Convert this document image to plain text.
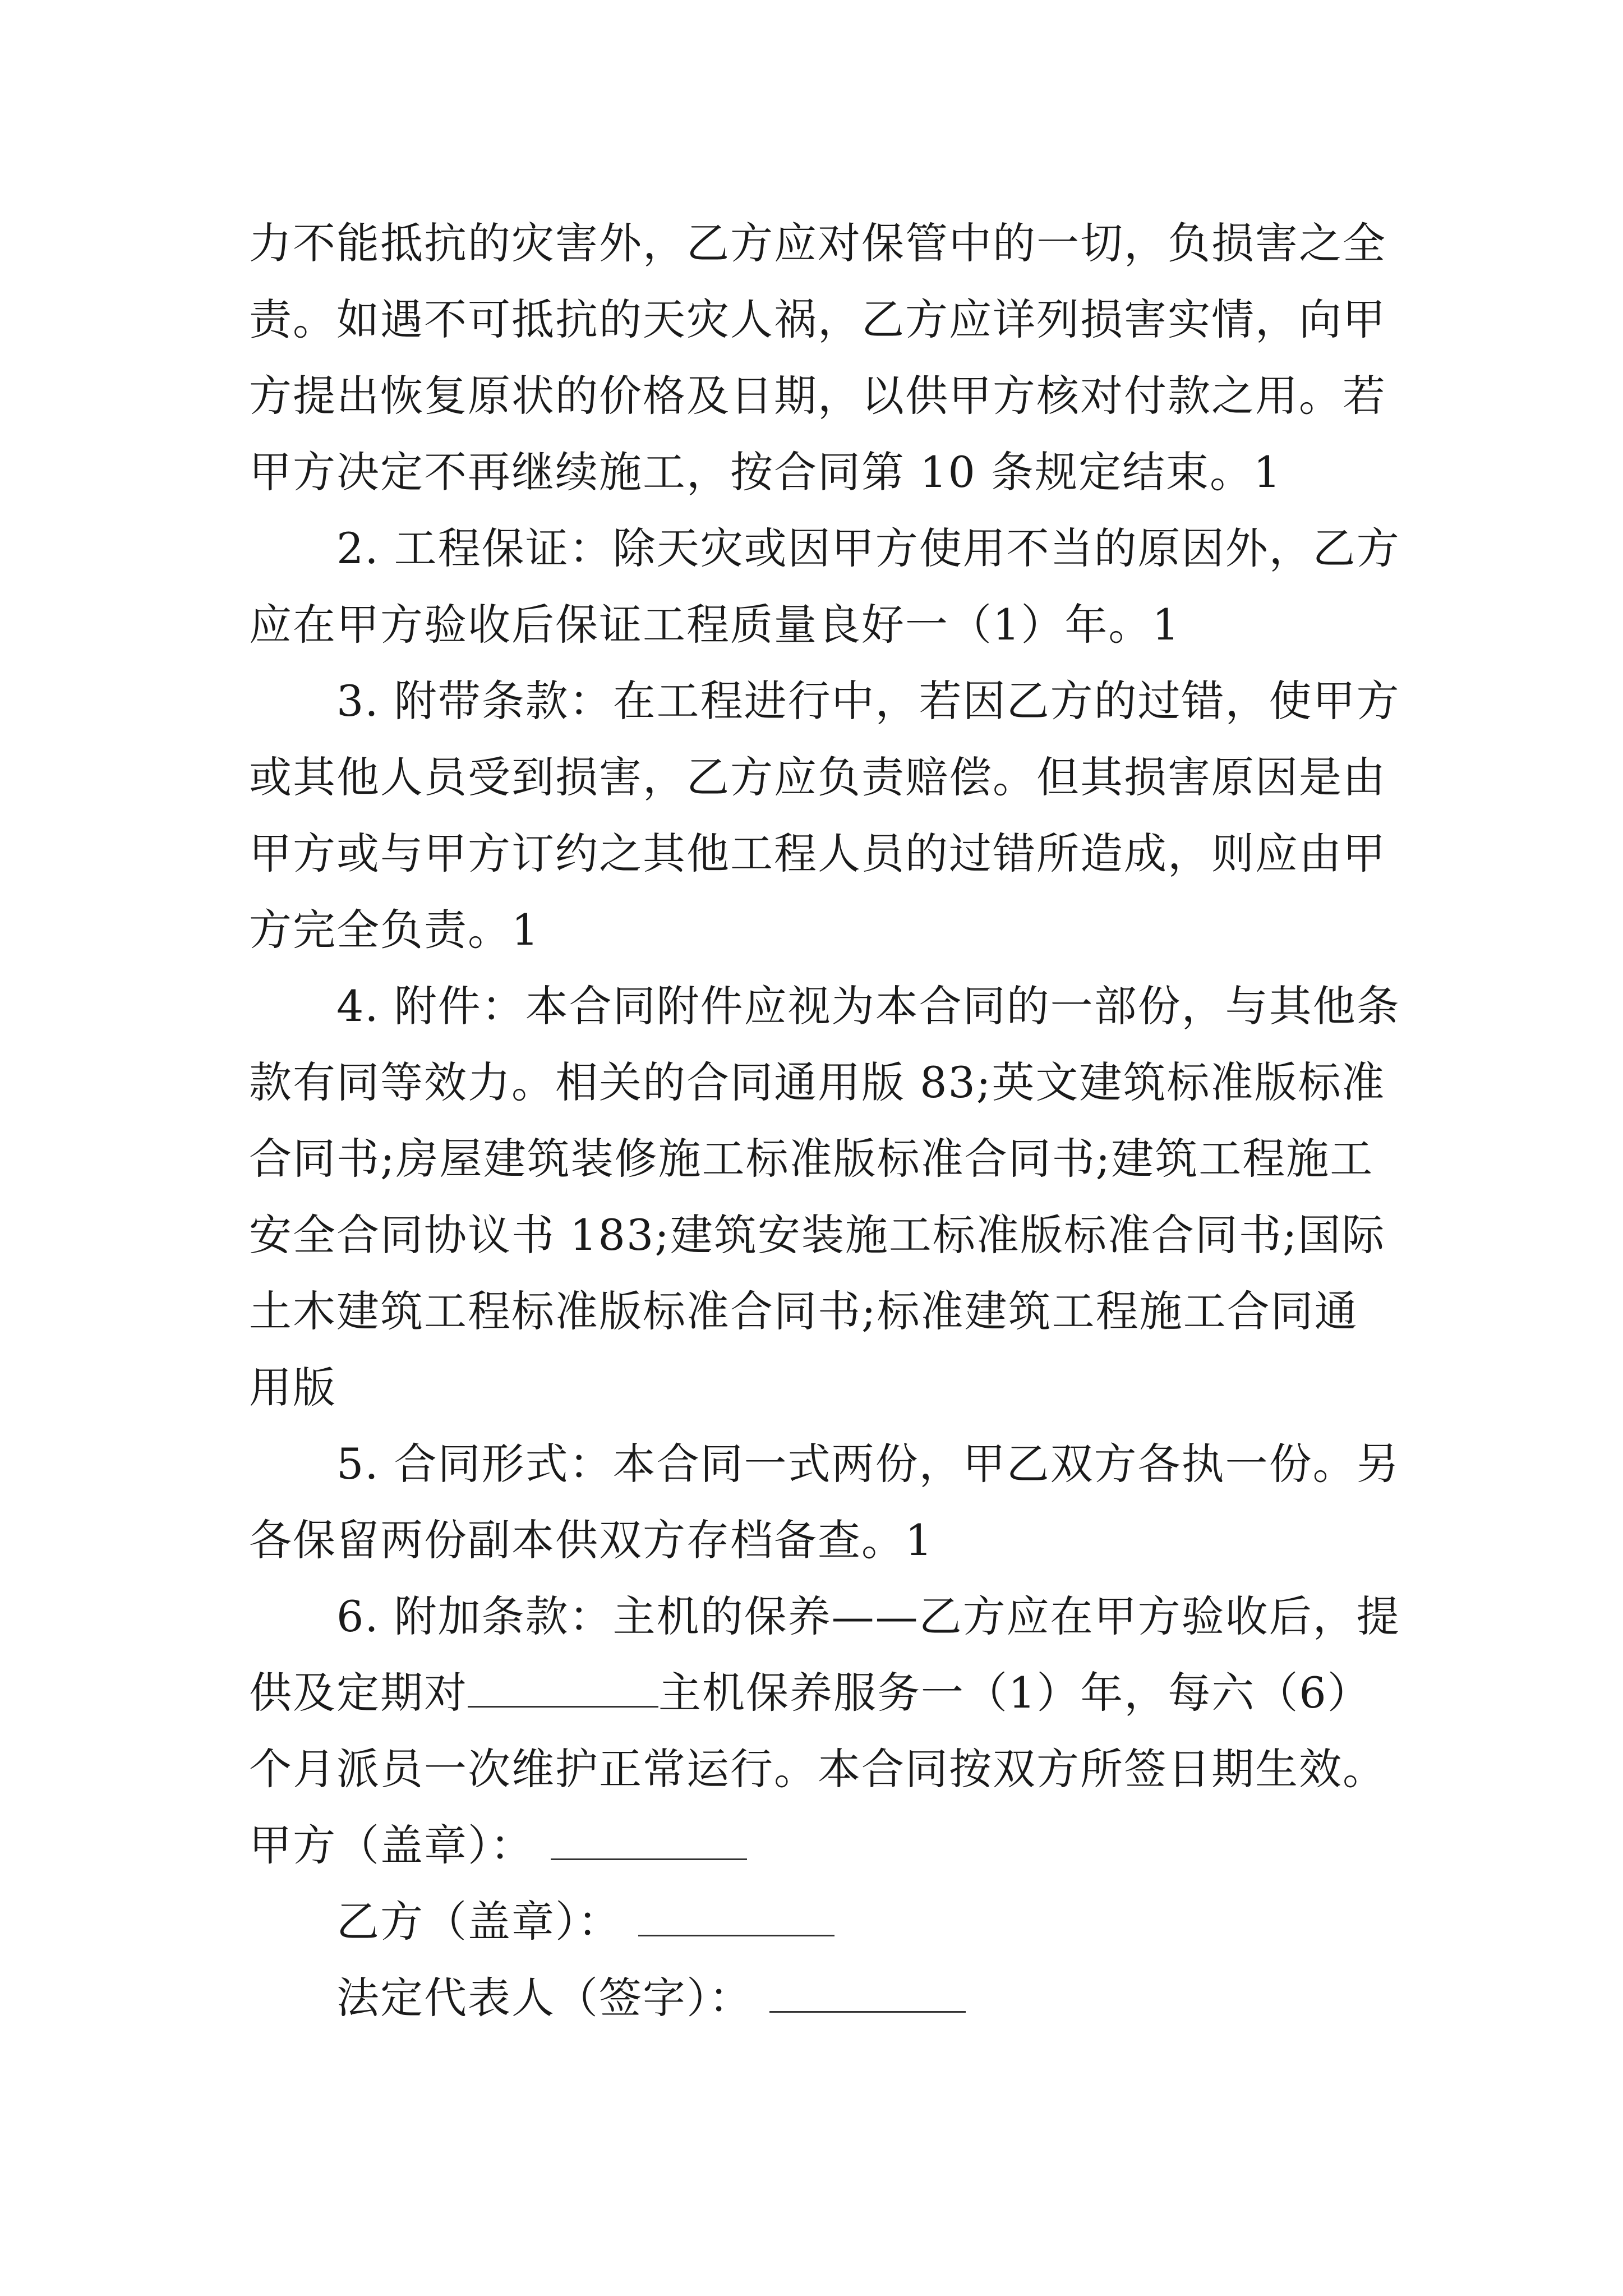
力不能抵抗的灾害外，乙方应对保管中的一切，负损害之全
责。如遇不可抵抗的天灾人祸，乙方应详列损害实情，向甲
方提出恢复原状的价格及日期，以供甲方核对付款之用。若
甲方决定不再继续施工，按合同第 10 条规定结束。1
2. 工程保证：除天灾或因甲方使用不当的原因外，乙方
应在甲方验收后保证工程质量良好一（1）年。1
3. 附带条款：在工程进行中，若因乙方的过错，使甲方
或其他人员受到损害，乙方应负责赔偿。但其损害原因是由
甲方或与甲方订约之其他工程人员的过错所造成，则应由甲
方完全负责。1
4. 附件：本合同附件应视为本合同的一部份，与其他条
款有同等效力。相关的合同通用版 83;英文建筑标准版标准
合同书;房屋建筑装修施工标准版标准合同书;建筑工程施工
安全合同协议书 183;建筑安装施工标准版标准合同书;国际
土木建筑工程标准版标准合同书;标准建筑工程施工合同通
用版
5. 合同形式：本合同一式两份，甲乙双方各执一份。另
各保留两份副本供双方存档备查。1
6. 附加条款：主机的保养——乙方应在甲方验收后，提
供及定期对	主机保养服务一（1）年，每六（6）
个月派员一次维护正常运行。本合同按双方所签日期生效。
甲方（盖章）：
乙方（盖章）：
法定代表人（签字）：
